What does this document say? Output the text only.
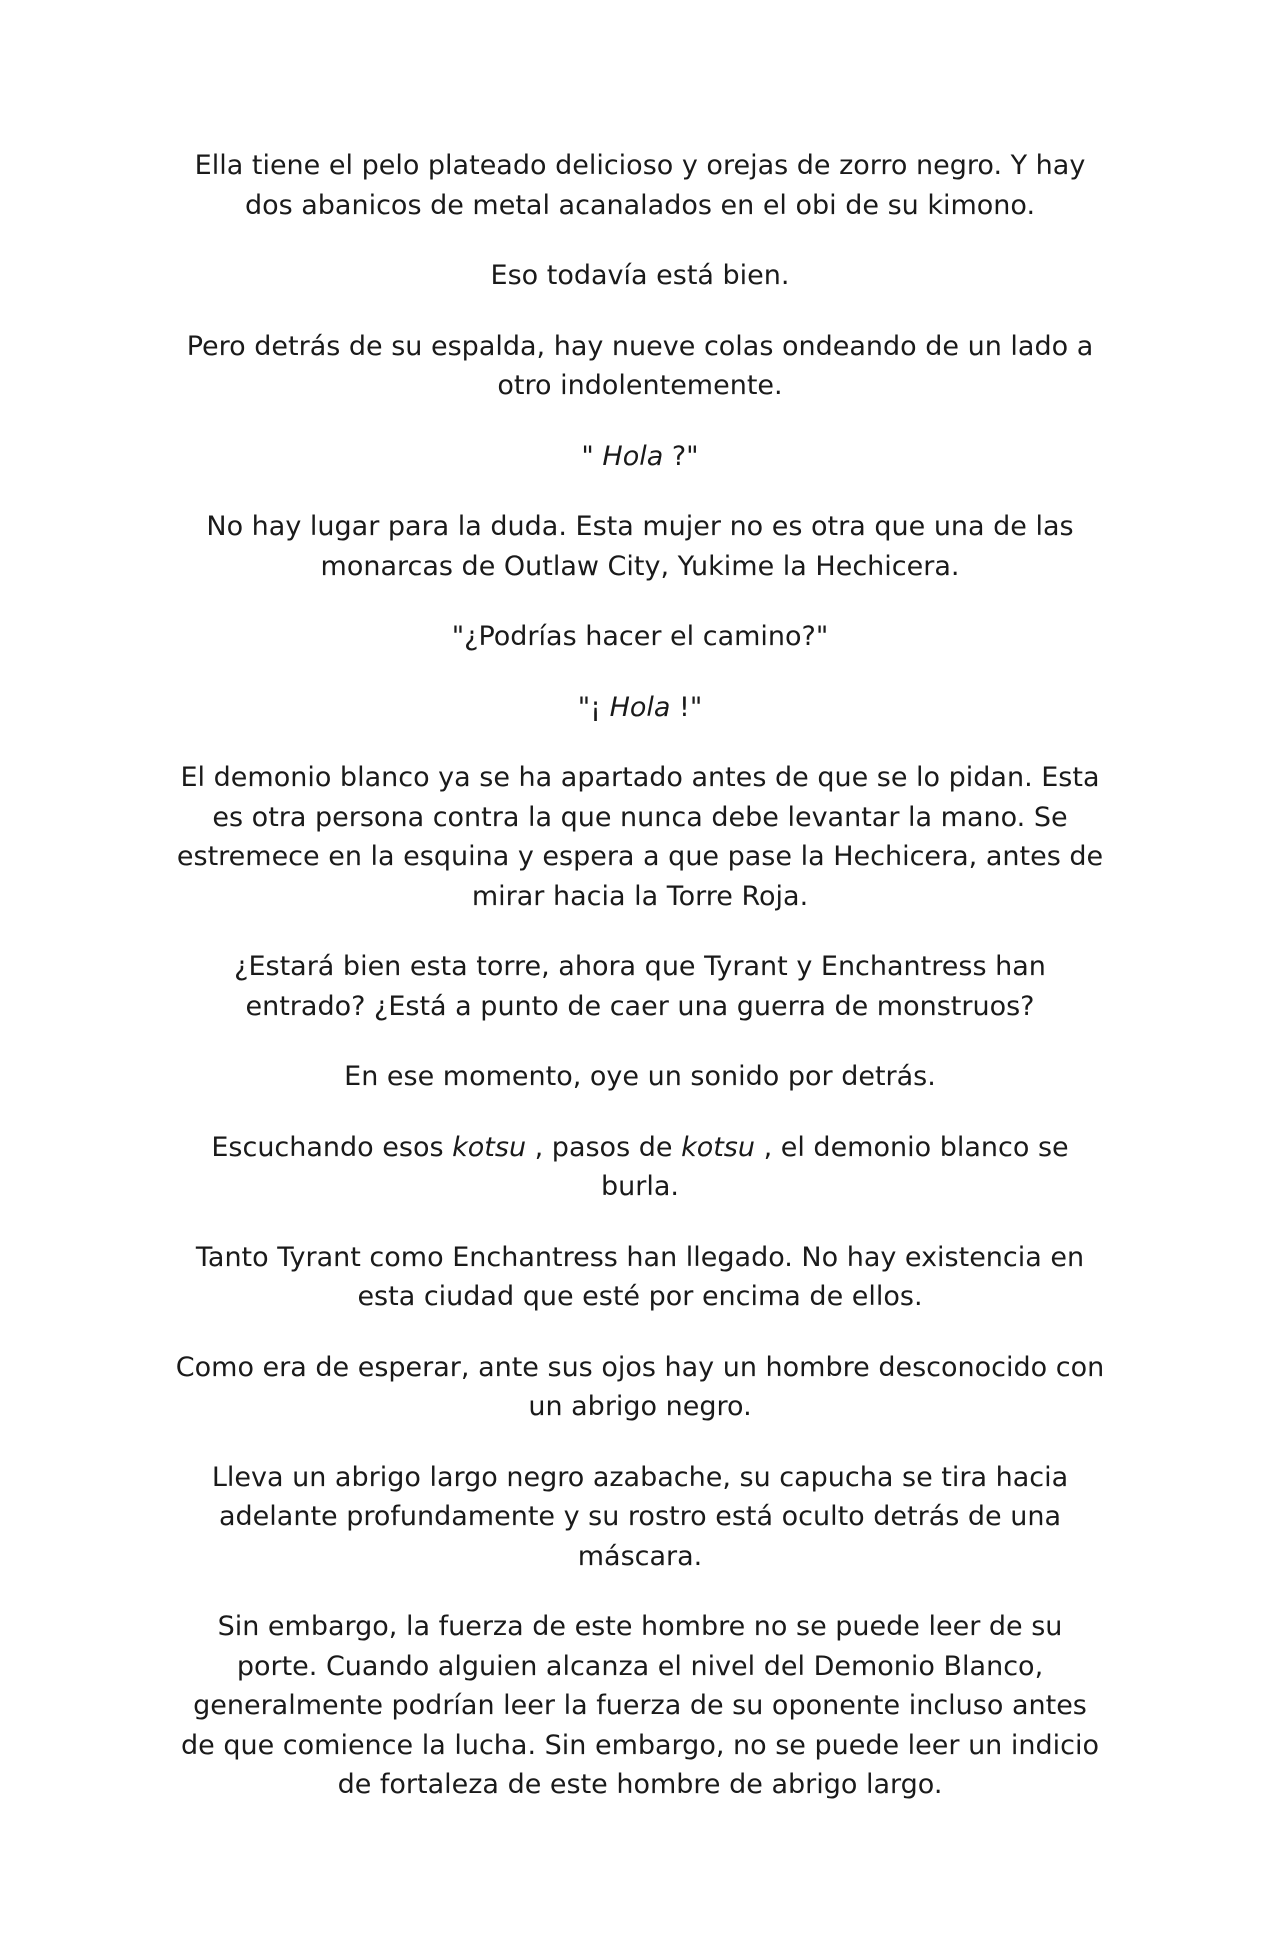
Ella tiene el pelo plateado delicioso y orejas de zorro negro. Y hay dos abanicos de metal acanalados en el obi de su kimono.

Eso todavía está bien.

Pero detrás de su espalda, hay nueve colas ondeando de un lado a otro indolentemente.

" Hola ?"

No hay lugar para la duda. Esta mujer no es otra que una de las monarcas de Outlaw City, Yukime la Hechicera.

"¿Podrías hacer el camino?"

"¡ Hola !"

El demonio blanco ya se ha apartado antes de que se lo pidan. Esta es otra persona contra la que nunca debe levantar la mano. Se estremece en la esquina y espera a que pase la Hechicera, antes de mirar hacia la Torre Roja.

¿Estará bien esta torre, ahora que Tyrant y Enchantress han entrado? ¿Está a punto de caer una guerra de monstruos?

En ese momento, oye un sonido por detrás.

Escuchando esos kotsu , pasos de kotsu , el demonio blanco se burla.

Tanto Tyrant como Enchantress han llegado. No hay existencia en esta ciudad que esté por encima de ellos.

Como era de esperar, ante sus ojos hay un hombre desconocido con un abrigo negro.

Lleva un abrigo largo negro azabache, su capucha se tira hacia adelante profundamente y su rostro está oculto detrás de una máscara.

Sin embargo, la fuerza de este hombre no se puede leer de su porte. Cuando alguien alcanza el nivel del Demonio Blanco, generalmente podrían leer la fuerza de su oponente incluso antes de que comience la lucha. Sin embargo, no se puede leer un indicio de fortaleza de este hombre de abrigo largo.
